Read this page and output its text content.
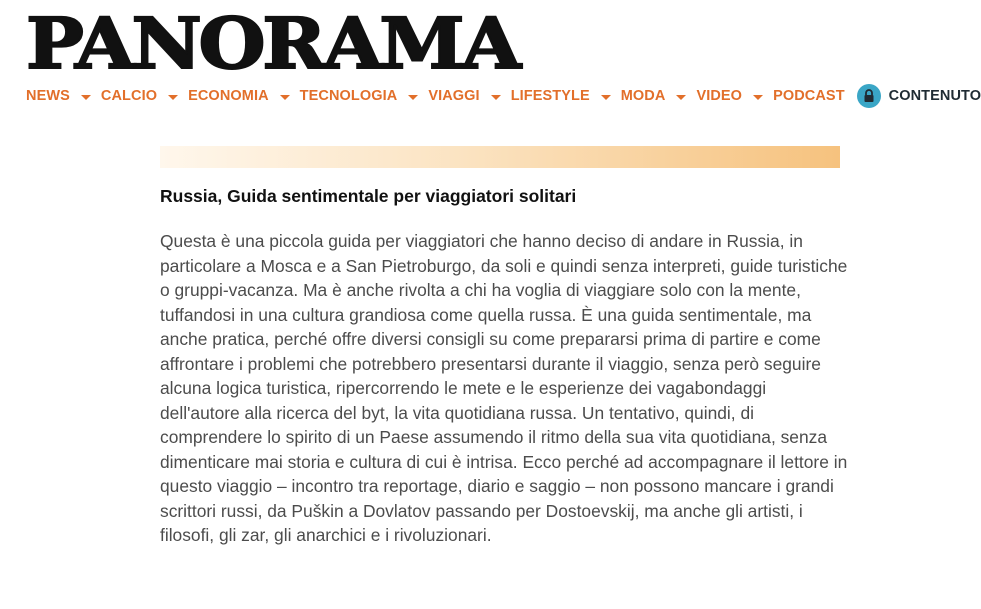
PANORAMA
NEWS CALCIO ECONOMIA TECNOLOGIA VIAGGI LIFESTYLE MODA VIDEO PODCAST	CONTENUTO
Russia, Guida sentimentale per viaggiatori solitari

Questa è una piccola guida per viaggiatori che hanno deciso di andare in Russia, in particolare a Mosca e a San Pietroburgo, da soli e quindi senza interpreti, guide turistiche o gruppi-vacanza. Ma è anche rivolta a chi ha voglia di viaggiare solo con la mente, tuffandosi in una cultura grandiosa come quella russa. È una guida sentimentale, ma anche pratica, perché offre diversi consigli su come prepararsi prima di partire e come affrontare i problemi che potrebbero presentarsi durante il viaggio, senza però seguire alcuna logica turistica, ripercorrendo le mete e le esperienze dei vagabondaggi dell'autore alla ricerca del byt, la vita quotidiana russa. Un tentativo, quindi, di comprendere lo spirito di un Paese assumendo il ritmo della sua vita quotidiana, senza dimenticare mai storia e cultura di cui è intrisa. Ecco perché ad accompagnare il lettore in questo viaggio – incontro tra reportage, diario e saggio – non possono mancare i grandi scrittori russi, da Puškin a Dovlatov passando per Dostoevskij, ma anche gli artisti, i filosofi, gli zar, gli anarchici e i rivoluzionari.
